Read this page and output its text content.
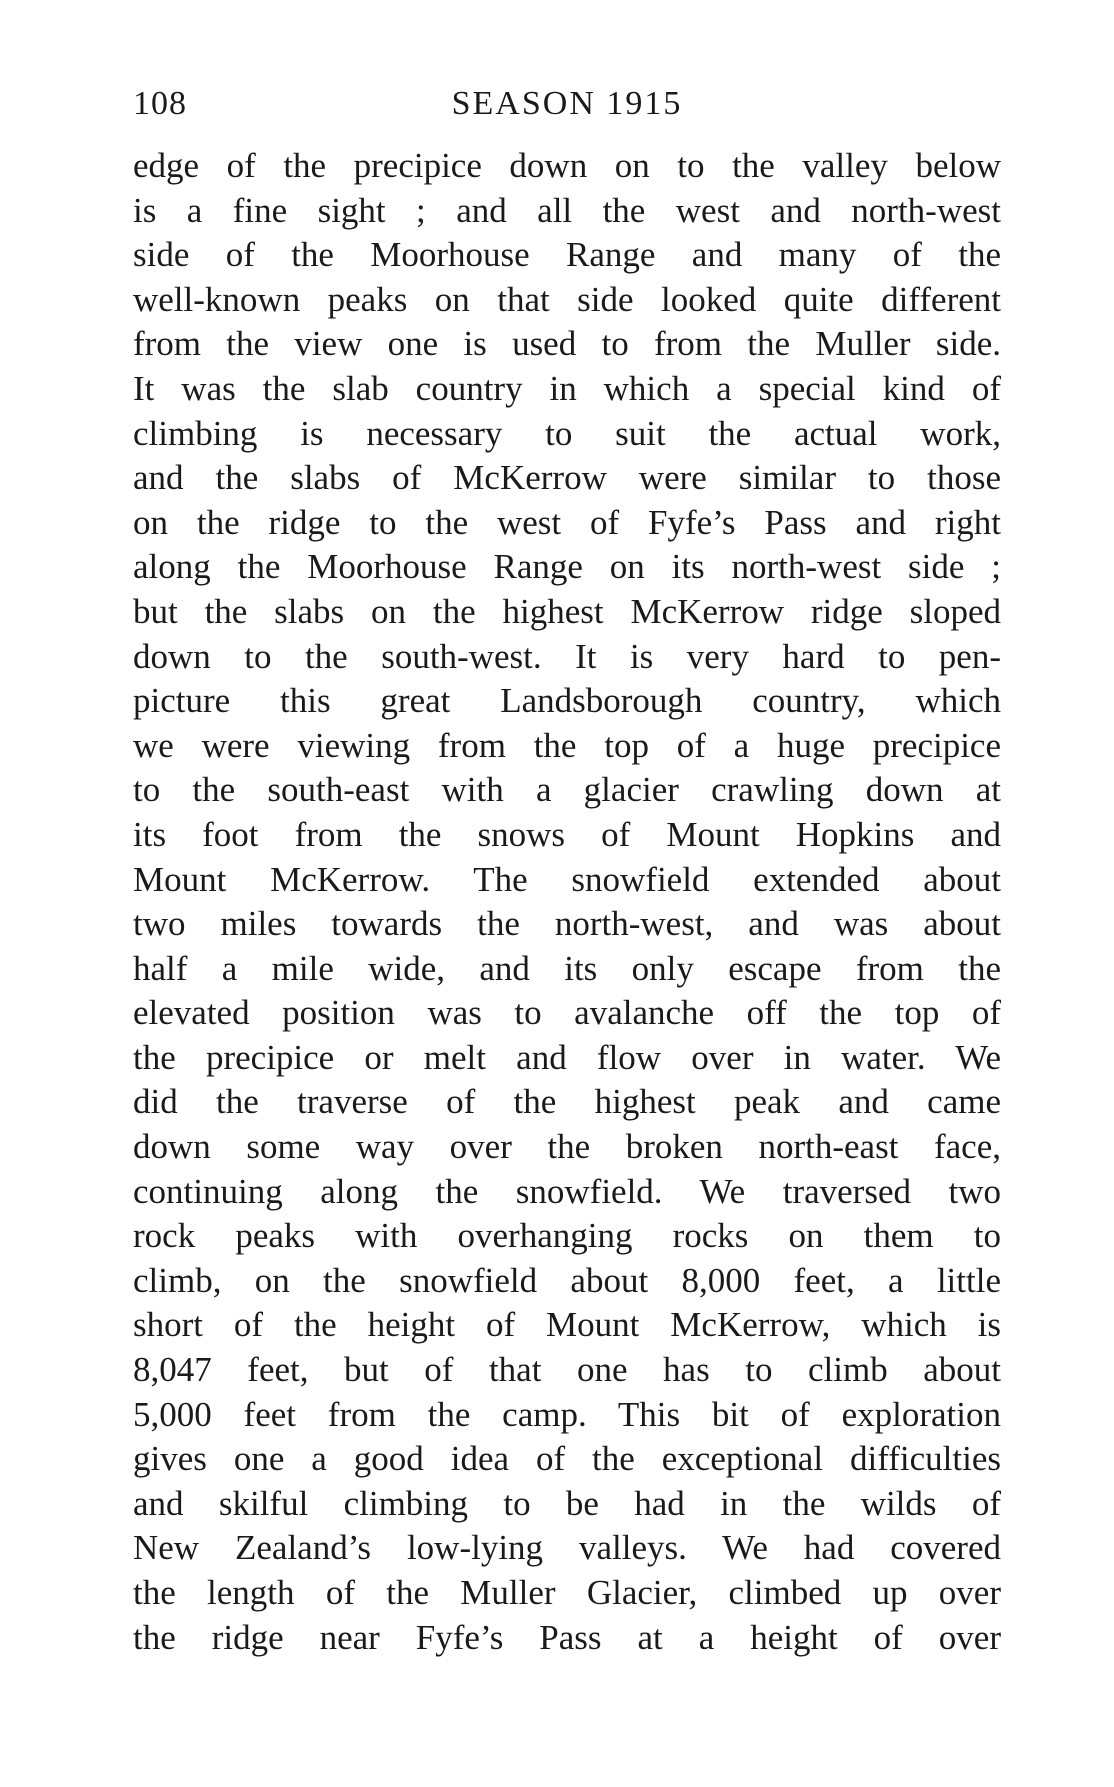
108	SEASON 1915
edge of the precipice down on to the valley below
is a fine sight ; and all the west and north-west
side of the Moorhouse Range and many of the
well-known peaks on that side looked quite different
from the view one is used to from the Muller side.
It was the slab country in which a special kind of
climbing is necessary to suit the actual work,
and the slabs of McKerrow were similar to those
on the ridge to the west of Fyfe’s Pass and right
along the Moorhouse Range on its north-west side ;
but the slabs on the highest McKerrow ridge sloped
down to the south-west. It is very hard to pen-
picture this great Landsborough country, which
we were viewing from the top of a huge precipice
to the south-east with a glacier crawling down at
its foot from the snows of Mount Hopkins and
Mount McKerrow. The snowfield extended about
two miles towards the north-west, and was about
half a mile wide, and its only escape from the
elevated position was to avalanche off the top of
the precipice or melt and flow over in water. We
did the traverse of the highest peak and came
down some way over the broken north-east face,
continuing along the snowfield. We traversed two
rock peaks with overhanging rocks on them to
climb, on the snowfield about 8,000 feet, a little
short of the height of Mount McKerrow, which is
8,047 feet, but of that one has to climb about
5,000 feet from the camp. This bit of exploration
gives one a good idea of the exceptional difficulties
and skilful climbing to be had in the wilds of
New Zealand’s low-lying valleys. We had covered
the length of the Muller Glacier, climbed up over
the ridge near Fyfe’s Pass at a height of over
